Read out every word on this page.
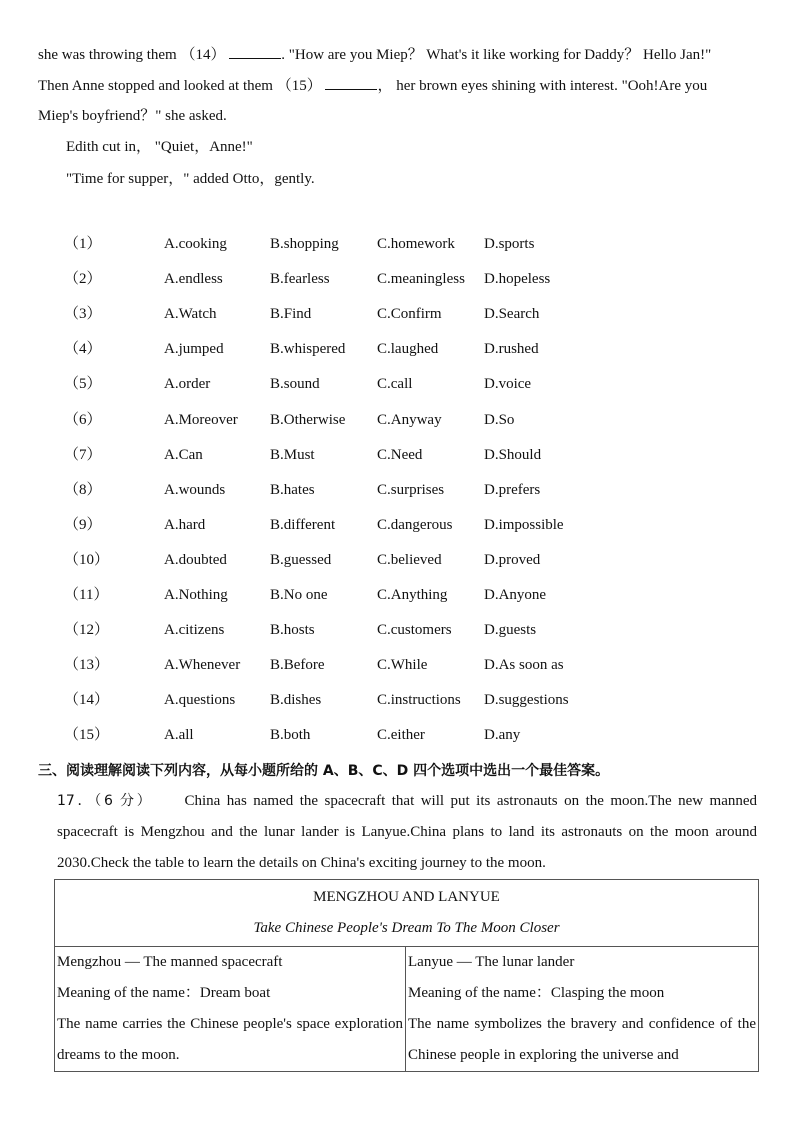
she was throwing them （14）	. "How are you Miep？ What's it like working for Daddy？ Hello Jan!"
Then Anne stopped and looked at them （15）	， her brown eyes shining with interest. "Ooh!Are you
Miep's boyfriend？" she asked.
Edith cut in， "Quiet，Anne!"
"Time for supper，" added Otto，gently.
（1）	A.cooking	B.shopping	C.homework D.sports
（2）	A.endless	B.fearless	C.meaningless D.hopeless
（3）	A.Watch	B.Find	C.Confirm	D.Search
（4）	A.jumped	B.whispered C.laughed	D.rushed
（5）	A.order	B.sound	C.call	D.voice
（6）	A.Moreover B.Otherwise C.Anyway	D.So
（7）	A.Can	B.Must	C.Need	D.Should
（8）	A.wounds	B.hates	C.surprises	D.prefers
（9）	A.hard	B.different	C.dangerous D.impossible
（10）	A.doubted	B.guessed	C.believed	D.proved
（11）	A.Nothing	B.No one	C.Anything D.Anyone
（12）	A.citizens	B.hosts	C.customers D.guests
（13）	A.Whenever B.Before	C.While	D.As soon as
（14）	A.questions B.dishes	C.instructions D.suggestions
（15）	A.all	B.both	C.either	D.any
三、阅读理解阅读下列内容，从每小题所给的 A、B、C、D 四个选项中选出一个最佳答案。
17．（6 分） China has named the spacecraft that will put its astronauts on the moon.The new manned spacecraft is Mengzhou and the lunar lander is Lanyue.China plans to land its astronauts on the moon around 2030.Check the table to learn the details on China's exciting journey to the moon.
MENGZHOU AND LANYUE
Take Chinese People's Dream To The Moon Closer

Mengzhou — The manned spacecraft
Meaning of the name：Dream boat
The name carries the Chinese people's space exploration dreams to the moon.

Lanyue — The lunar lander
Meaning of the name：Clasping the moon
The name symbolizes the bravery and confidence of the Chinese people in exploring the universe and
